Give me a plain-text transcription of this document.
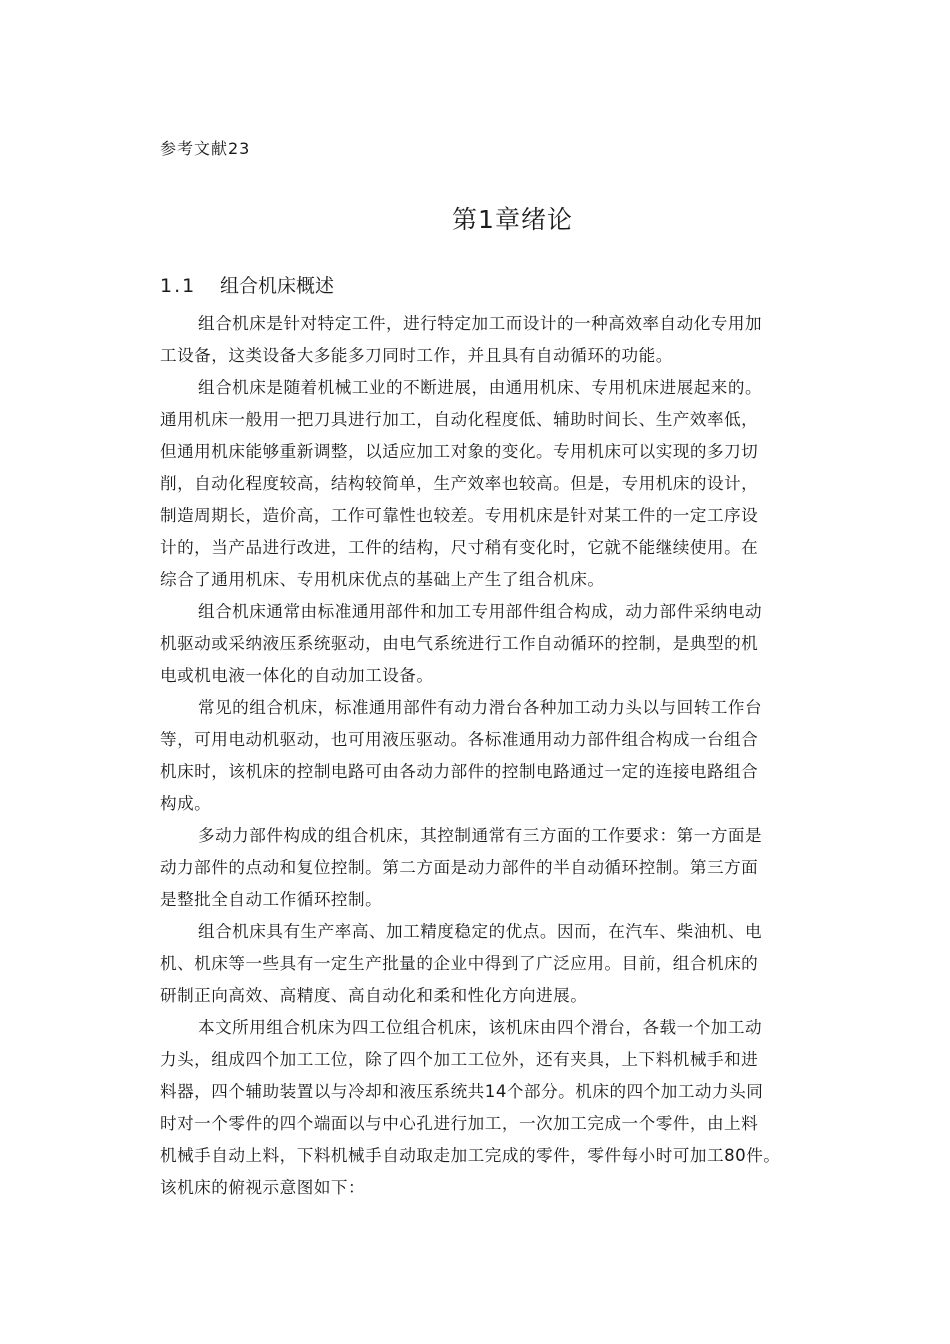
参考文献23
第1章绪论
1.1 组合机床概述
组合机床是针对特定工件，进行特定加工而设计的一种高效率自动化专用加
工设备，这类设备大多能多刀同时工作，并且具有自动循环的功能。
组合机床是随着机械工业的不断进展，由通用机床、专用机床进展起来的。
通用机床一般用一把刀具进行加工，自动化程度低、辅助时间长、生产效率低，
但通用机床能够重新调整，以适应加工对象的变化。专用机床可以实现的多刀切
削，自动化程度较高，结构较简单，生产效率也较高。但是，专用机床的设计，
制造周期长，造价高，工作可靠性也较差。专用机床是针对某工件的一定工序设
计的，当产品进行改进，工件的结构，尺寸稍有变化时，它就不能继续使用。在
综合了通用机床、专用机床优点的基础上产生了组合机床。
组合机床通常由标准通用部件和加工专用部件组合构成，动力部件采纳电动
机驱动或采纳液压系统驱动，由电气系统进行工作自动循环的控制，是典型的机
电或机电液一体化的自动加工设备。
常见的组合机床，标准通用部件有动力滑台各种加工动力头以与回转工作台
等，可用电动机驱动，也可用液压驱动。各标准通用动力部件组合构成一台组合
机床时，该机床的控制电路可由各动力部件的控制电路通过一定的连接电路组合
构成。
多动力部件构成的组合机床，其控制通常有三方面的工作要求：第一方面是
动力部件的点动和复位控制。第二方面是动力部件的半自动循环控制。第三方面
是整批全自动工作循环控制。
组合机床具有生产率高、加工精度稳定的优点。因而，在汽车、柴油机、电
机、机床等一些具有一定生产批量的企业中得到了广泛应用。目前，组合机床的
研制正向高效、高精度、高自动化和柔和性化方向进展。
本文所用组合机床为四工位组合机床，该机床由四个滑台，各载一个加工动
力头，组成四个加工工位，除了四个加工工位外，还有夹具，上下料机械手和进
料器，四个辅助装置以与冷却和液压系统共14个部分。机床的四个加工动力头同
时对一个零件的四个端面以与中心孔进行加工，一次加工完成一个零件，由上料
机械手自动上料，下料机械手自动取走加工完成的零件，零件每小时可加工80件。
该机床的俯视示意图如下：
